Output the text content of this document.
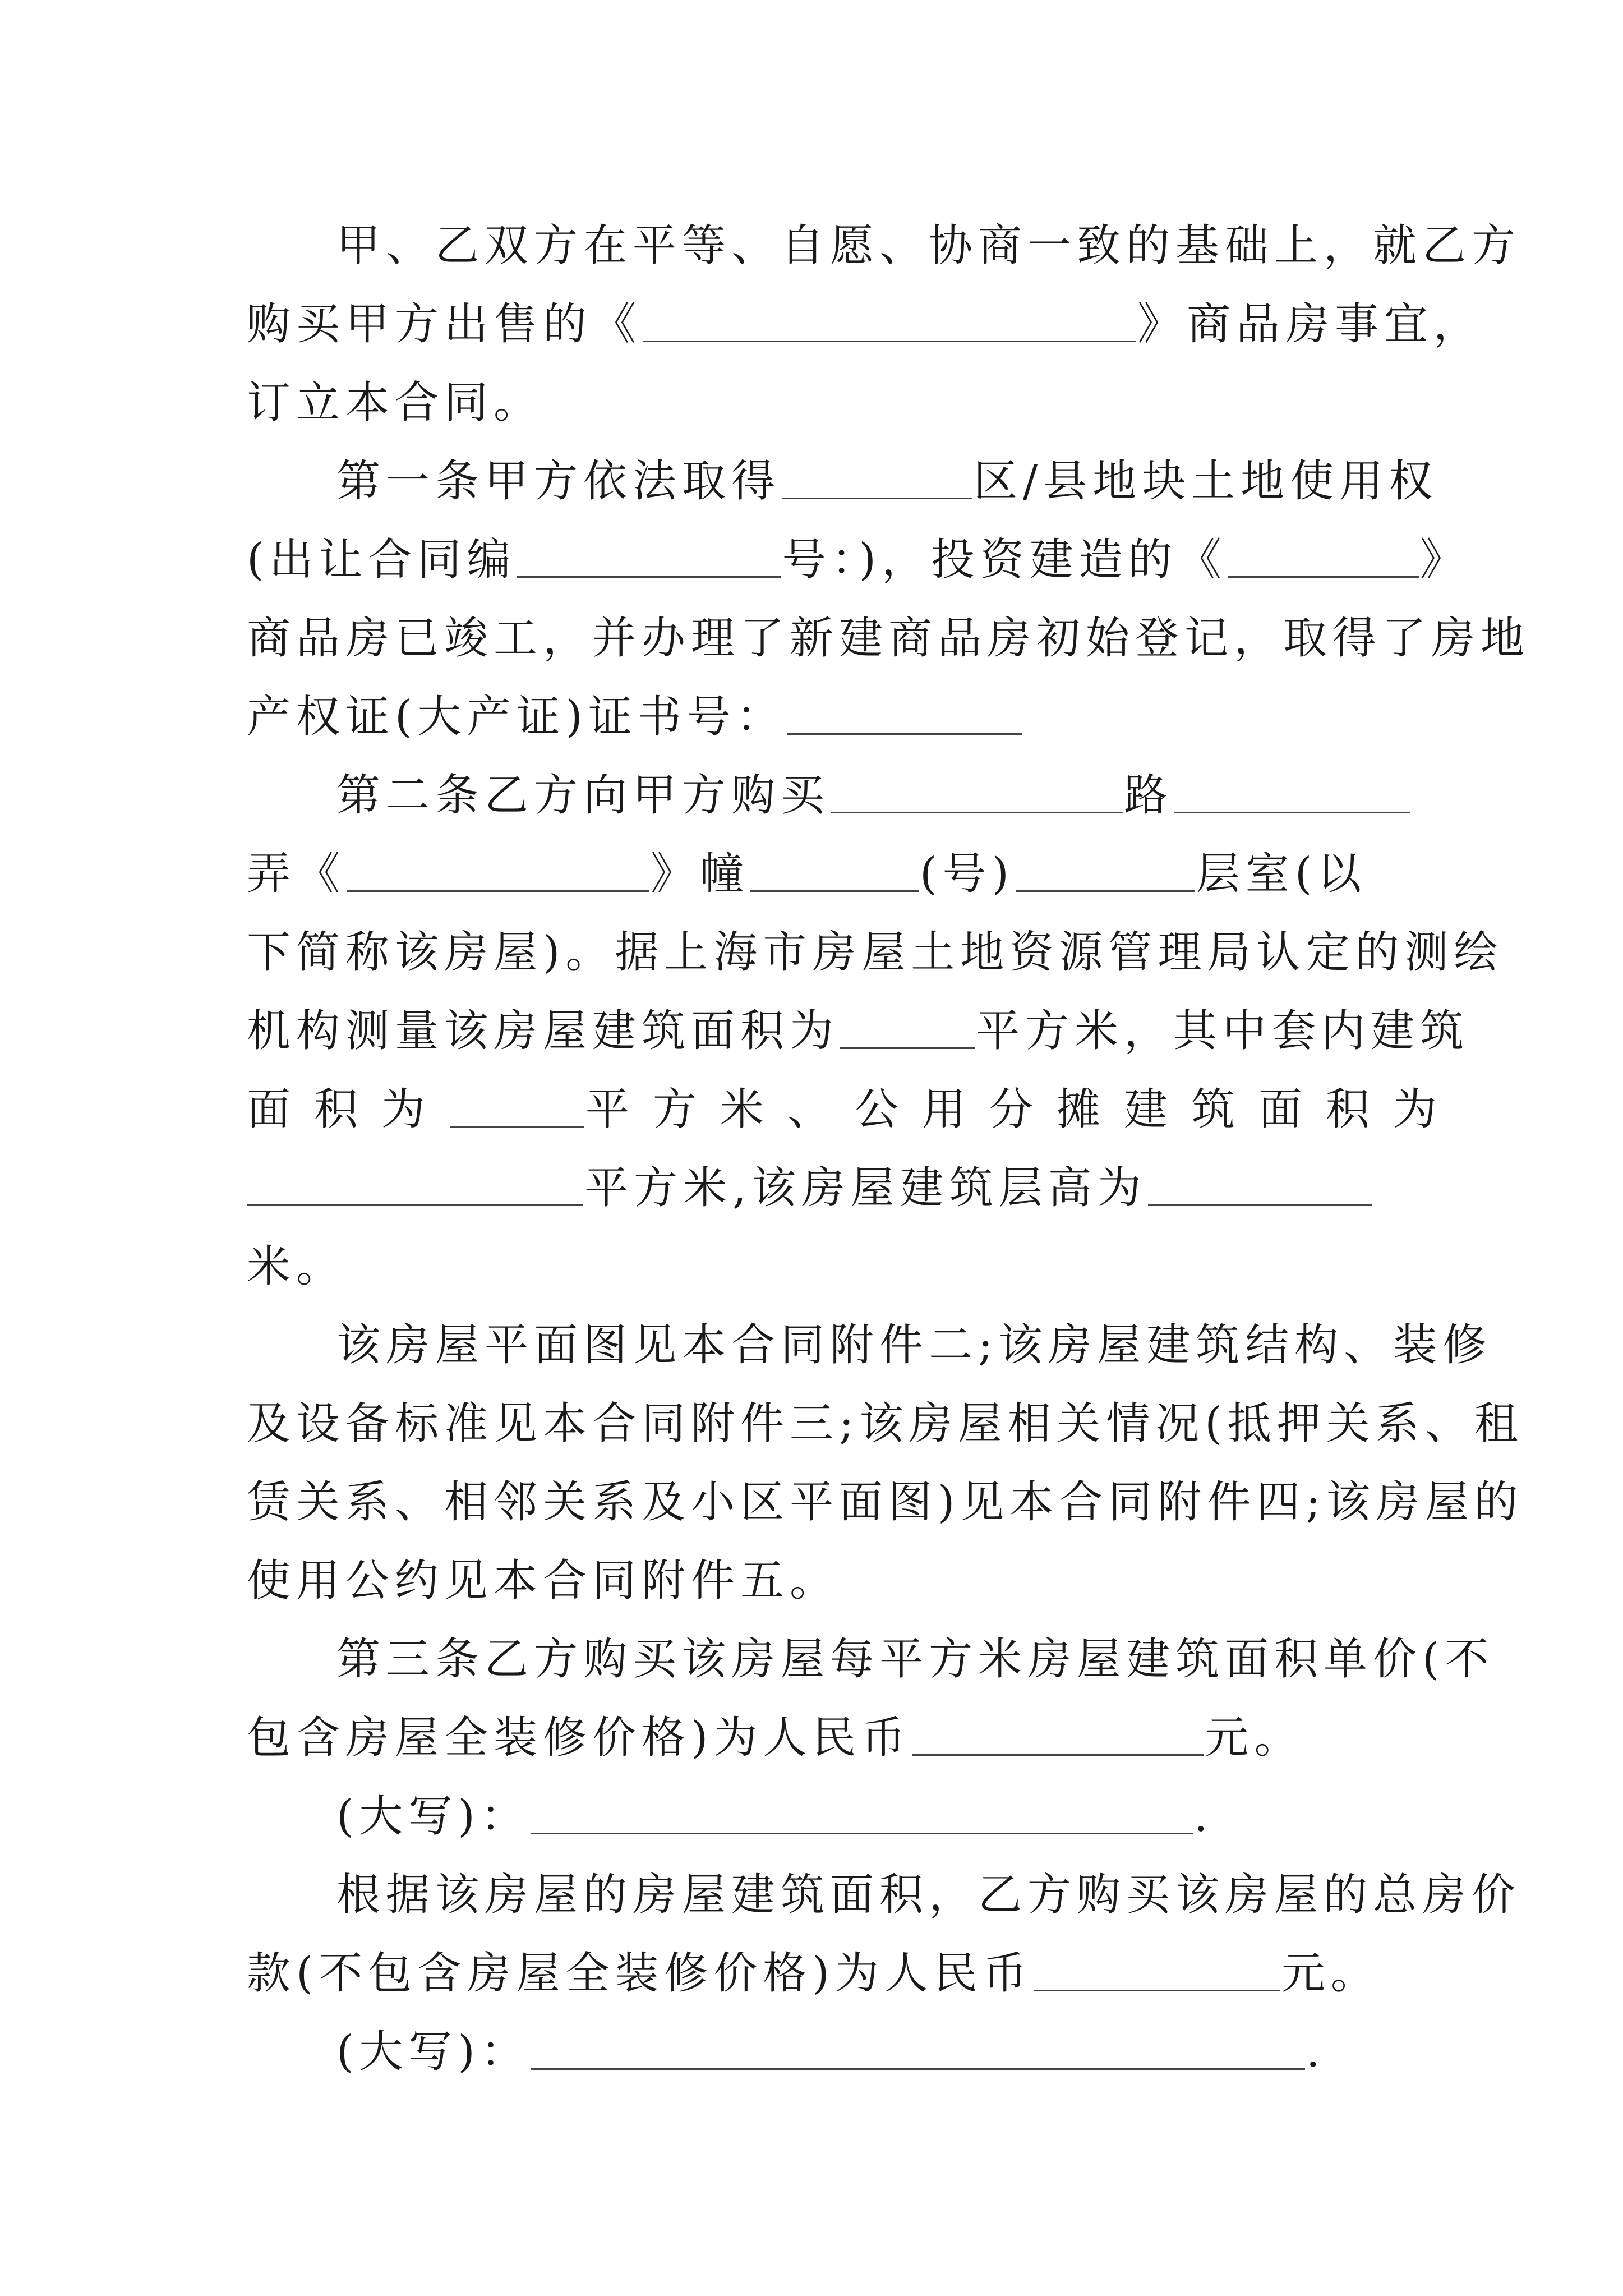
甲、乙双方在平等、自愿、协商一致的基础上，就乙方
购买甲方出售的《	》商品房事宜，
订立本合同。
第一条甲方依法取得	区/县地块土地使用权
(出让合同编	号：)，投资建造的《	》
商品房已竣工，并办理了新建商品房初始登记，取得了房地
产权证(大产证)证书号：
第二条乙方向甲方购买	路
弄《	》幢	(号)	层室(以
下简称该房屋)。据上海市房屋土地资源管理局认定的测绘
机构测量该房屋建筑面积为	平方米，其中套内建筑
面积为	平方米、公用分摊建筑面积为
平方米,该房屋建筑层高为
米。
该房屋平面图见本合同附件二;该房屋建筑结构、装修
及设备标准见本合同附件三;该房屋相关情况(抵押关系、租
赁关系、相邻关系及小区平面图)见本合同附件四;该房屋的
使用公约见本合同附件五。
第三条乙方购买该房屋每平方米房屋建筑面积单价(不
包含房屋全装修价格)为人民币	元。
(大写)：	.
根据该房屋的房屋建筑面积，乙方购买该房屋的总房价
款(不包含房屋全装修价格)为人民币	元。
(大写)：	.
